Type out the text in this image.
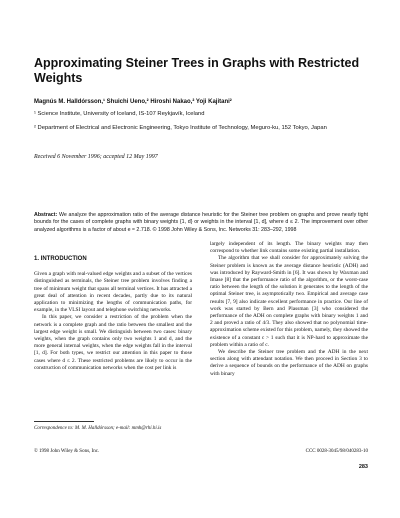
Approximating Steiner Trees in Graphs with Restricted Weights
Magnús M. Halldórsson,¹ Shuichi Ueno,² Hiroshi Nakao,² Yoji Kajitani²
¹ Science Institute, University of Iceland, IS-107 Reykjavík, Iceland
² Department of Electrical and Electronic Engineering, Tokyo Institute of Technology, Meguro-ku, 152 Tokyo, Japan
Received 6 November 1996; accepted 12 May 1997
Abstract: We analyze the approximation ratio of the average distance heuristic for the Steiner tree problem on graphs and prove nearly tight bounds for the cases of complete graphs with binary weights {1, d} or weights in the interval [1, d], where d ≤ 2. The improvement over other analyzed algorithms is a factor of about e ≈ 2.718. © 1998 John Wiley & Sons, Inc. Networks 31: 283–292, 1998
1. INTRODUCTION

Given a graph with real-valued edge weights and a subset of the vertices distinguished as terminals, the Steiner tree problem involves finding a tree of minimum weight that spans all terminal vertices. It has attracted a great deal of attention in recent decades, partly due to its natural application to minimizing the lengths of communication paths, for example, in the VLSI layout and telephone switching networks.

In this paper, we consider a restriction of the problem when the network is a complete graph and the ratio between the smallest and the largest edge weight is small. We distinguish between two cases: binary weights, when the graph contains only two weights 1 and d, and the more general internal weights, when the edge weights fall in the interval [1, d]. For both types, we restrict our attention in this paper to those cases where d ≤ 2. These restricted problems are likely to occur in the construction of communication networks when the cost per link is

largely independent of its length. The binary weights may then correspond to whether link contains some existing partial installation.

The algorithm that we shall consider for approximately solving the Steiner problem is known as the average distance heuristic (ADH) and was introduced by Rayward-Smith in [6]. It was shown by Waxman and Imase [8] that the performance ratio of the algorithm, or the worst-case ratio between the length of the solution it generates to the length of the optimal Steiner tree, is asymptotically two. Empirical and average case results [7, 9] also indicate excellent performance in practice. Our line of work was started by Bern and Plassman [3] who considered the performance of the ADH on complete graphs with binary weights 1 and 2 and proved a ratio of 4/3. They also showed that no polynomial time-approximation scheme existed for this problem, namely, they showed the existence of a constant c > 1 such that it is NP-hard to approximate the problem within a ratio of c.

We describe the Steiner tree problem and the ADH in the next section along with attendant notation. We then proceed in Section 3 to derive a sequence of bounds on the performance of the ADH on graphs with binary

Correspondence to: M. M. Halldórsson; e-mail: mmh@rhi.hi.is
© 1998 John Wiley & Sons, Inc.	CCC 0028-3045/98/040283-10
283
